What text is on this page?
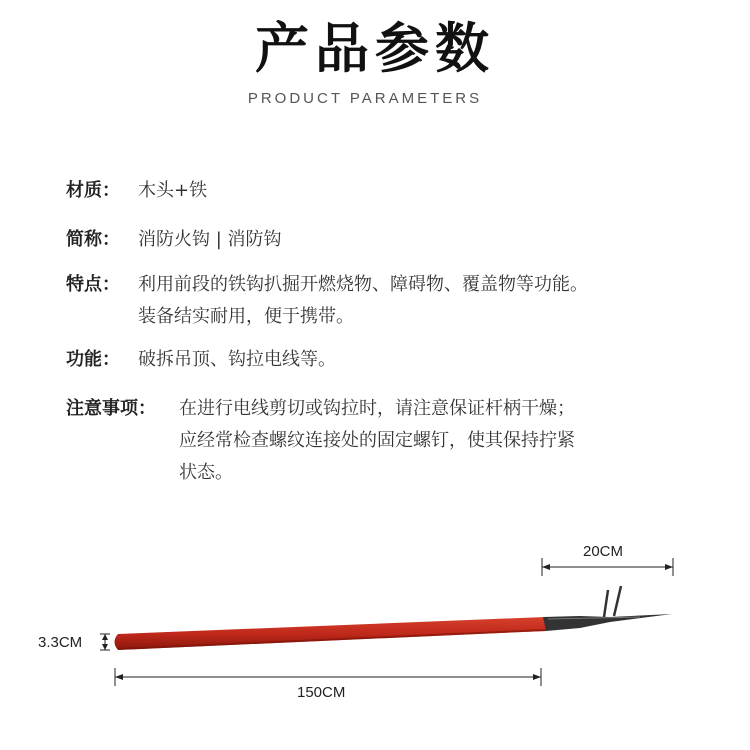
产品参数
PRODUCT PARAMETERS
材质： 木头+铁
简称： 消防火钩 | 消防钩
特点： 利用前段的铁钩扒掘开燃烧物、障碍物、覆盖物等功能。
装备结实耐用，便于携带。
功能： 破拆吊顶、钩拉电线等。
注意事项： 在进行电线剪切或钩拉时，请注意保证杆柄干燥；
应经常检查螺纹连接处的固定螺钉，使其保持拧紧
状态。
20CM
3.3CM
150CM
